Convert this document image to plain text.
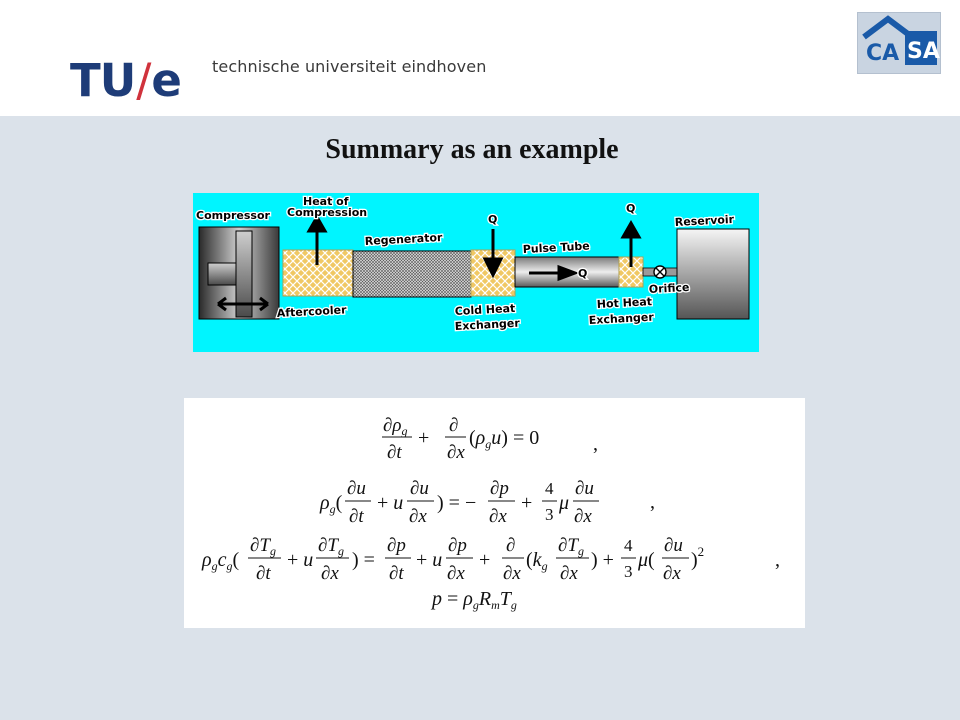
TU/e technische universiteit eindhoven
CA SA
Summary as an example
Compressor
Heat of
Compression
Regenerator
Q
Pulse Tube
Q
Q
Reservoir
Orifice
Aftercooler	Cold Heat
Exchanger
Hot Heat
Exchanger
$\partial\rho_g$
∂t
+
∂
∂x
$(\rho_gu) = 0$	,
$\rho_g$(
∂u
∂t
+ u
∂u
∂x
) = −
∂p
∂x
+
4
3
μ
∂u
∂x
,
$\rho_gc_g$(
$\partial T_g$
∂t
+ u
$\partial T_g$
∂x
) =
∂p
∂t
+ u
∂p
∂x
+
∂
∂x
($k_g$
$\partial T_g$
∂x
) +
4
3
μ(
∂u
∂x
)$^2$	,
$p = \rho_gR_mT_g$
